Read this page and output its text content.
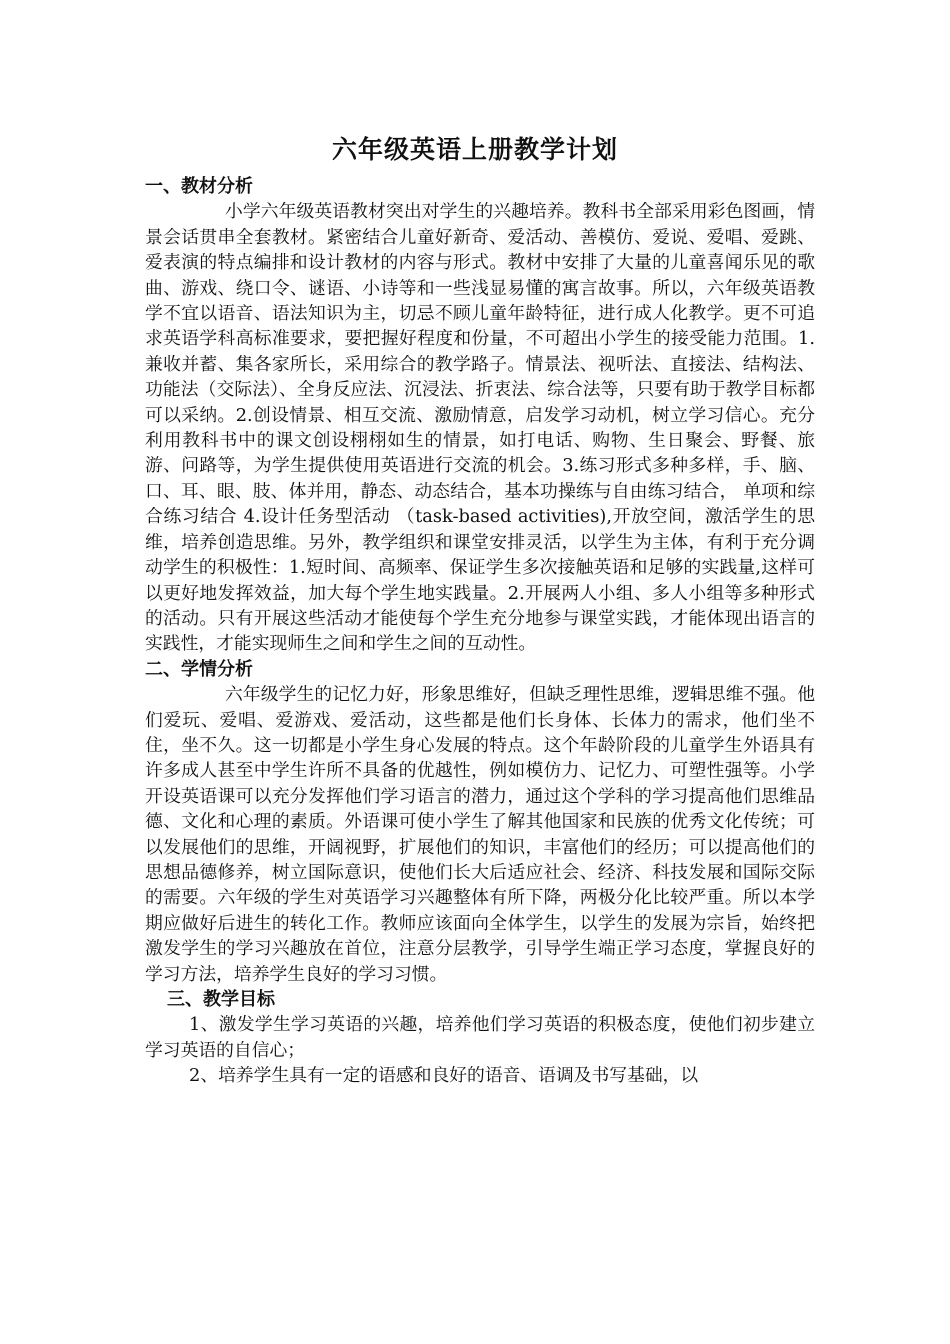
六年级英语上册教学计划

一、教材分析

小学六年级英语教材突出对学生的兴趣培养。教科书全部采用彩色图画，情景会话贯串全套教材。紧密结合儿童好新奇、爱活动、善模仿、爱说、爱唱、爱跳、爱表演的特点编排和设计教材的内容与形式。教材中安排了大量的儿童喜闻乐见的歌曲、游戏、绕口令、谜语、小诗等和一些浅显易懂的寓言故事。所以，六年级英语教学不宜以语音、语法知识为主，切忌不顾儿童年龄特征，进行成人化教学。更不可追求英语学科高标准要求，要把握好程度和份量，不可超出小学生的接受能力范围。1.兼收并蓄、集各家所长，采用综合的教学路子。情景法、视听法、直接法、结构法、功能法（交际法）、全身反应法、沉浸法、折衷法、综合法等，只要有助于教学目标都可以采纳。2.创设情景、相互交流、激励情意，启发学习动机，树立学习信心。充分利用教科书中的课文创设栩栩如生的情景，如打电话、购物、生日聚会、野餐、旅游、问路等，为学生提供使用英语进行交流的机会。3.练习形式多种多样，手、脑、口、耳、眼、肢、体并用，静态、动态结合，基本功操练与自由练习结合， 单项和综合练习结合 4.设计任务型活动 （task-based activities),开放空间，激活学生的思维，培养创造思维。另外，教学组织和课堂安排灵活，以学生为主体，有利于充分调动学生的积极性：1.短时间、高频率、保证学生多次接触英语和足够的实践量,这样可以更好地发挥效益，加大每个学生地实践量。2.开展两人小组、多人小组等多种形式的活动。只有开展这些活动才能使每个学生充分地参与课堂实践，才能体现出语言的实践性，才能实现师生之间和学生之间的互动性。

二、学情分析

六年级学生的记忆力好，形象思维好，但缺乏理性思维，逻辑思维不强。他们爱玩、爱唱、爱游戏、爱活动，这些都是他们长身体、长体力的需求，他们坐不住，坐不久。这一切都是小学生身心发展的特点。这个年龄阶段的儿童学生外语具有许多成人甚至中学生许所不具备的优越性，例如模仿力、记忆力、可塑性强等。小学开设英语课可以充分发挥他们学习语言的潜力，通过这个学科的学习提高他们思维品德、文化和心理的素质。外语课可使小学生了解其他国家和民族的优秀文化传统；可以发展他们的思维，开阔视野，扩展他们的知识，丰富他们的经历；可以提高他们的思想品德修养，树立国际意识，使他们长大后适应社会、经济、科技发展和国际交际的需要。六年级的学生对英语学习兴趣整体有所下降，两极分化比较严重。所以本学期应做好后进生的转化工作。教师应该面向全体学生，以学生的发展为宗旨，始终把激发学生的学习兴趣放在首位，注意分层教学，引导学生端正学习态度，掌握良好的学习方法，培养学生良好的学习习惯。

三、教学目标

1、激发学生学习英语的兴趣，培养他们学习英语的积极态度，使他们初步建立学习英语的自信心；

2、培养学生具有一定的语感和良好的语音、语调及书写基础，以
